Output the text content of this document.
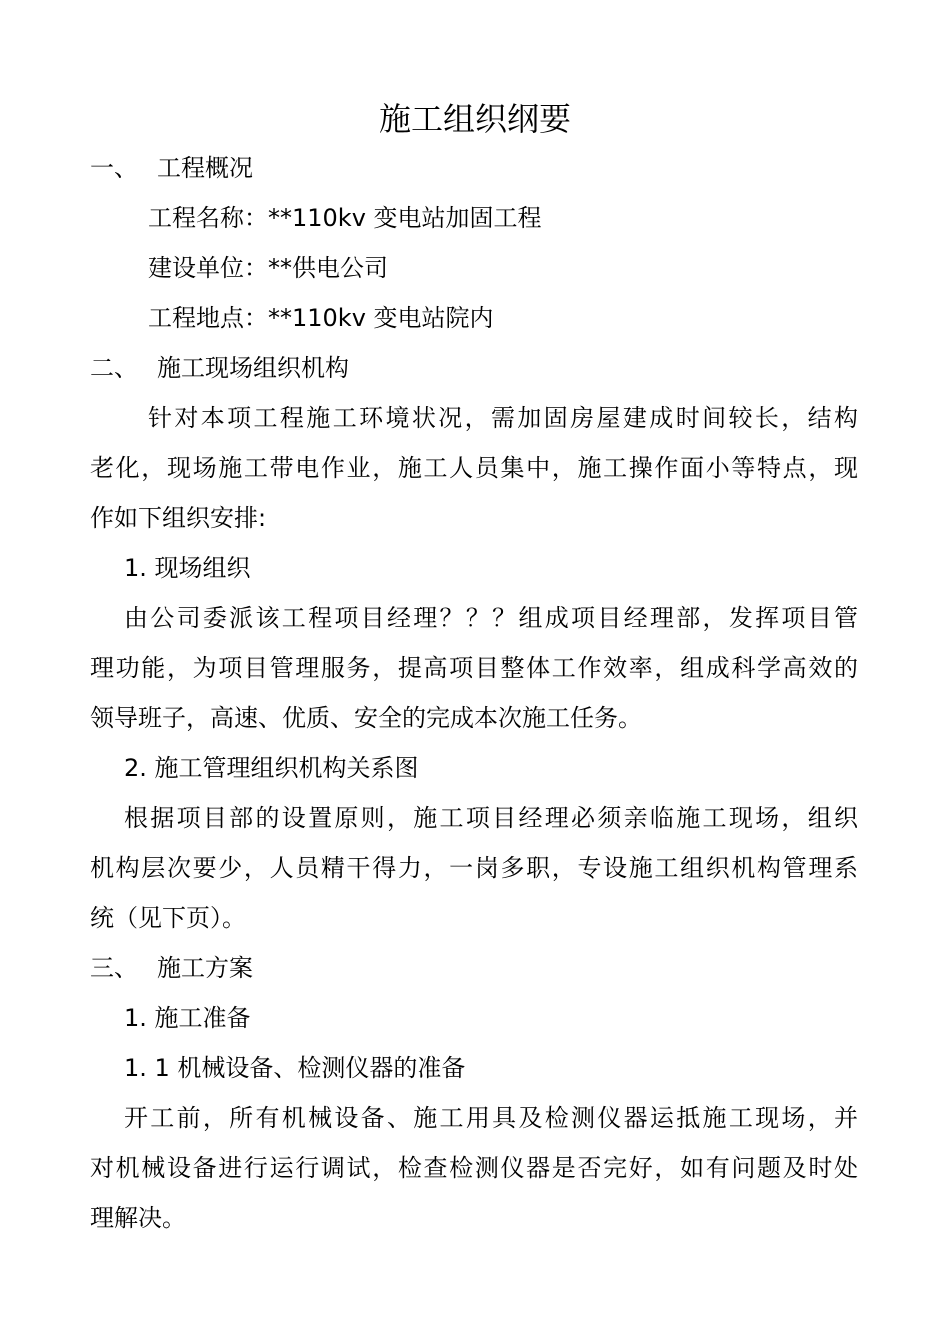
施工组织纲要
一、 工程概况
工程名称：**110kv 变电站加固工程
建设单位：**供电公司
工程地点：**110kv 变电站院内
二、 施工现场组织机构
针对本项工程施工环境状况，需加固房屋建成时间较长，结构
老化，现场施工带电作业，施工人员集中，施工操作面小等特点，现
作如下组织安排:
1. 现场组织
由公司委派该工程项目经理？？？组成项目经理部，发挥项目管
理功能，为项目管理服务，提高项目整体工作效率，组成科学高效的
领导班子，高速、优质、安全的完成本次施工任务。
2. 施工管理组织机构关系图
根据项目部的设置原则，施工项目经理必须亲临施工现场，组织
机构层次要少，人员精干得力，一岗多职，专设施工组织机构管理系
统（见下页）。
三、 施工方案
1. 施工准备
1. 1 机械设备、检测仪器的准备
开工前，所有机械设备、施工用具及检测仪器运抵施工现场，并
对机械设备进行运行调试，检查检测仪器是否完好，如有问题及时处
理解决。
